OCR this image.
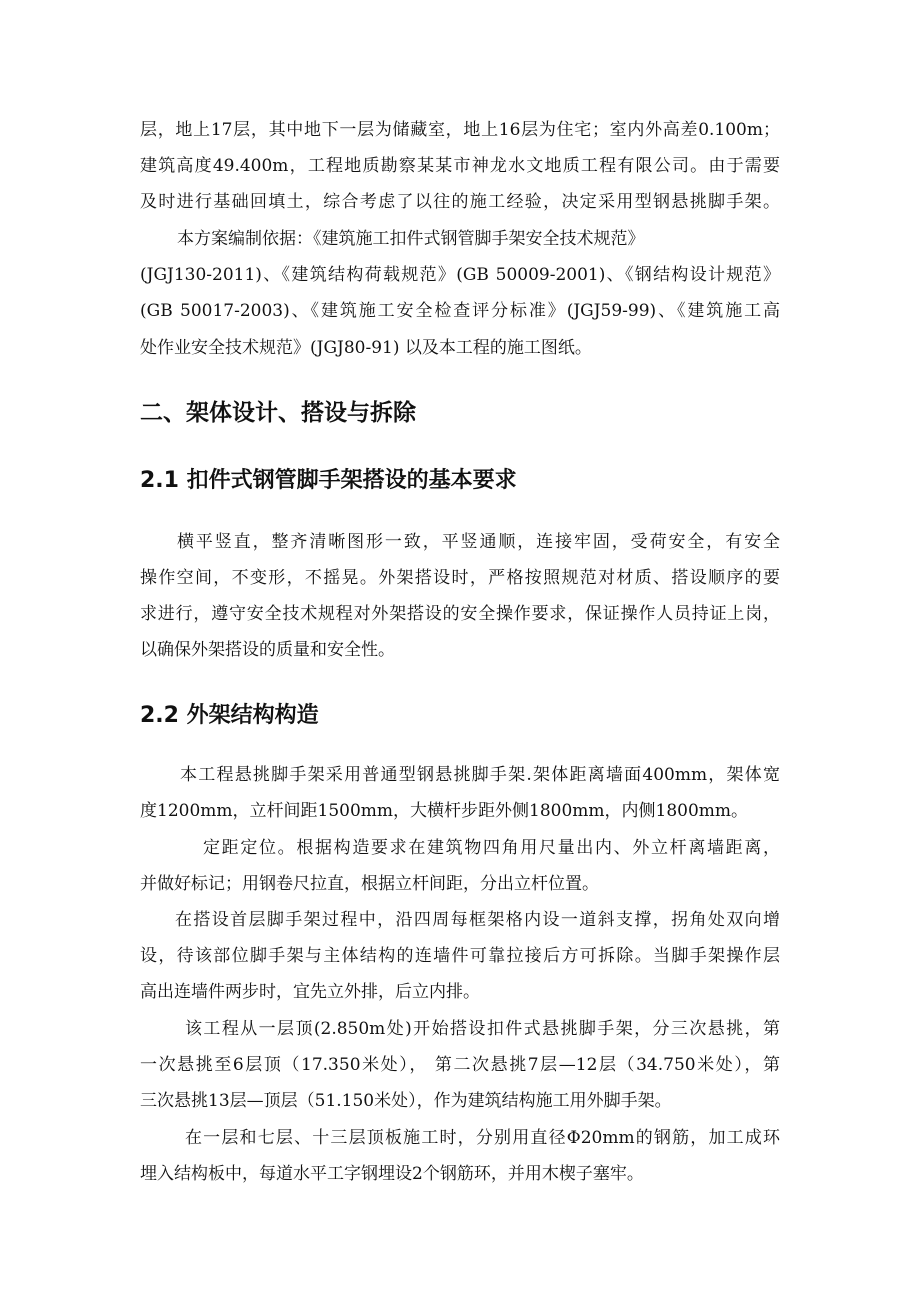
层，地上17层，其中地下一层为储藏室，地上16层为住宅；室内外高差0.100m；
建筑高度49.400m，工程地质勘察某某市神龙水文地质工程有限公司。由于需要
及时进行基础回填土，综合考虑了以往的施工经验，决定采用型钢悬挑脚手架。
本方案编制依据：《建筑施工扣件式钢管脚手架安全技术规范》
(JGJ130-2011)、《建筑结构荷载规范》(GB 50009-2001)、《钢结构设计规范》
(GB 50017-2003)、《建筑施工安全检查评分标准》(JGJ59-99)、《建筑施工高
处作业安全技术规范》(JGJ80-91) 以及本工程的施工图纸。
二、架体设计、搭设与拆除
2.1 扣件式钢管脚手架搭设的基本要求
横平竖直，整齐清晰图形一致，平竖通顺，连接牢固，受荷安全，有安全
操作空间，不变形，不摇晃。外架搭设时，严格按照规范对材质、搭设顺序的要
求进行，遵守安全技术规程对外架搭设的安全操作要求，保证操作人员持证上岗，
以确保外架搭设的质量和安全性。
2.2 外架结构构造
本工程悬挑脚手架采用普通型钢悬挑脚手架.架体距离墙面400mm，架体宽
度1200mm，立杆间距1500mm，大横杆步距外侧1800mm，内侧1800mm。
定距定位。根据构造要求在建筑物四角用尺量出内、外立杆离墙距离，
并做好标记；用钢卷尺拉直，根据立杆间距，分出立杆位置。
在搭设首层脚手架过程中，沿四周每框架格内设一道斜支撑，拐角处双向增
设，待该部位脚手架与主体结构的连墙件可靠拉接后方可拆除。当脚手架操作层
高出连墙件两步时，宜先立外排，后立内排。
该工程从一层顶(2.850m处)开始搭设扣件式悬挑脚手架，分三次悬挑，第
一次悬挑至6层顶（17.350米处）， 第二次悬挑7层—12层（34.750米处），第
三次悬挑13层—顶层（51.150米处），作为建筑结构施工用外脚手架。
在一层和七层、十三层顶板施工时，分别用直径Φ20mm的钢筋，加工成环
埋入结构板中，每道水平工字钢埋设2个钢筋环，并用木楔子塞牢。
